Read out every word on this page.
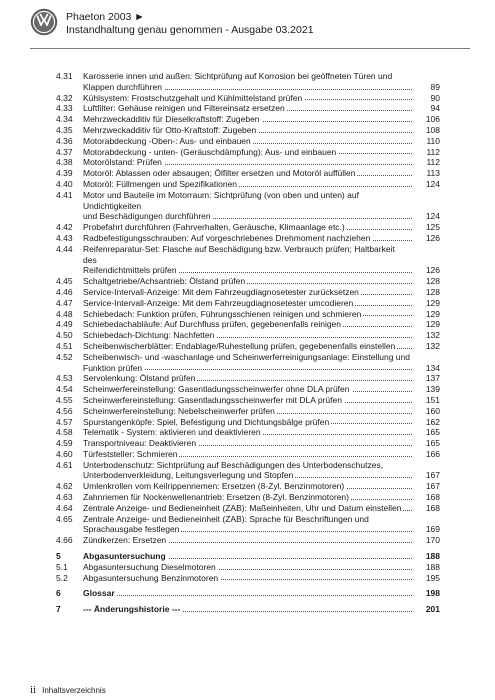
Phaeton 2003 ►
Instandhaltung genau genommen - Ausgabe 03.2021
4.31	Karosserie innen und außen: Sichtprüfung auf Korrosion bei geöffneten Türen und
Klappen durchführen	89
4.32	Kühlsystem: Frostschutzgehalt und Kühlmittelstand prüfen	90
4.33	Luftfilter: Gehäuse reinigen und Filtereinsatz ersetzen	94
4.34	Mehrzweckadditiv für Dieselkraftstoff: Zugeben	106
4.35	Mehrzweckadditiv für Otto-Kraftstoff: Zugeben	108
4.36	Motorabdeckung -Oben-: Aus- und einbauen	110
4.37	Motorabdeckung - unten- (Geräuschdämpfung): Aus- und einbauen	112
4.38	Motorölstand: Prüfen	112
4.39	Motoröl: Ablassen oder absaugen; Ölfilter ersetzen und Motoröl auffüllen	113
4.40	Motoröl: Füllmengen und Spezifikationen	124
4.41	Motor und Bauteile im Motorraum: Sichtprüfung (von oben und unten) auf Undichtigkeiten
und Beschädigungen durchführen	124
4.42	Probefahrt durchführen (Fahrverhalten, Geräusche, Klimaanlage etc.)	125
4.43	Radbefestigungsschrauben: Auf vorgeschriebenes Drehmoment nachziehen	126
4.44	Reifenreparatur-Set: Flasche auf Beschädigung bzw. Verbrauch prüfen; Haltbarkeit des
Reifendichtmittels prüfen	126
4.45	Schaltgetriebe/Achsantrieb: Ölstand prüfen	128
4.46	Service-Intervall-Anzeige: Mit dem Fahrzeugdiagnosetester zurücksetzen	128
4.47	Service-Intervall-Anzeige: Mit dem Fahrzeugdiagnosetester umcodieren	129
4.48	Schiebedach: Funktion prüfen, Führungsschienen reinigen und schmieren	129
4.49	Schiebedachabläufe: Auf Durchfluss prüfen, gegebenenfalls reinigen	129
4.50	Schiebedach-Dichtung: Nachfetten	132
4.51	Scheibenwischerblätter: Endablage/Ruhestellung prüfen, gegebenenfalls einstellen	132
4.52	Scheibenwisch- und -waschanlage und Scheinwerferreinigungsanlage: Einstellung und
Funktion prüfen	134
4.53	Servolenkung: Ölstand prüfen	137
4.54	Scheinwerfereinstellung: Gasentladungsscheinwerfer ohne DLA prüfen	139
4.55	Scheinwerfereinstellung: Gasentladungsscheinwerfer mit DLA prüfen	151
4.56	Scheinwerfereinstellung: Nebelscheinwerfer prüfen	160
4.57	Spurstangenköpfe: Spiel, Befestigung und Dichtungsbälge prüfen	162
4.58	Telematik - System: aktivieren und deaktivieren	165
4.59	Transportniveau: Deaktivieren	165
4.60	Türfeststeller: Schmieren	166
4.61	Unterbodenschutz: Sichtprüfung auf Beschädigungen des Unterbodenschutzes,
Unterbodenverkleidung, Leitungsverlegung und Stopfen	167
4.62	Umlenkrollen vom Keilrippenriemen: Ersetzen (8-Zyl. Benzinmotoren)	167
4.63	Zahnriemen für Nockenwellenantrieb: Ersetzen (8-Zyl. Benzinmotoren)	168
4.64	Zentrale Anzeige- und Bedieneinheit (ZAB): Maßeinheiten, Uhr und Datum einstellen	168
4.65	Zentrale Anzeige- und Bedieneinheit (ZAB): Sprache für Beschriftungen und
Sprachausgabe festlegen	169
4.66	Zündkerzen: Ersetzen	170
5	Abgasuntersuchung	188
5.1	Abgasuntersuchung Dieselmotoren	188
5.2	Abgasuntersuchung Benzinmotoren	195
6	Glossar	198
7	--- Änderungshistorie ---	201
ii Inhaltsverzeichnis
